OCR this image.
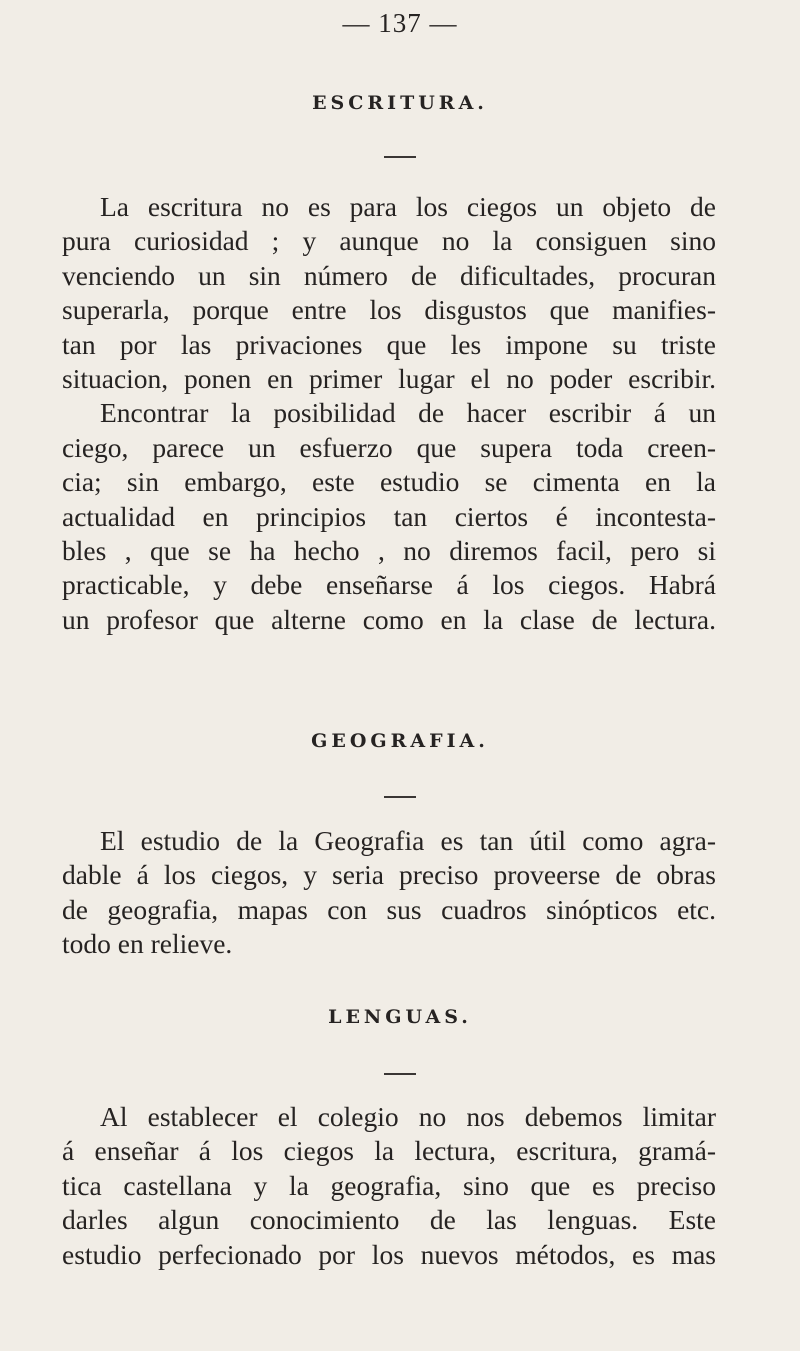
— 137 —
ESCRITURA.
La escritura no es para los ciegos un objeto de
pura curiosidad ; y aunque no la consiguen sino
venciendo un sin número de dificultades, procuran
superarla, porque entre los disgustos que manifies-
tan por las privaciones que les impone su triste
situacion, ponen en primer lugar el no poder escribir.
Encontrar la posibilidad de hacer escribir á un
ciego, parece un esfuerzo que supera toda creen-
cia; sin embargo, este estudio se cimenta en la
actualidad en principios tan ciertos é incontesta-
bles , que se ha hecho , no diremos facil, pero si
practicable, y debe enseñarse á los ciegos. Habrá
un profesor que alterne como en la clase de lectura.
GEOGRAFIA.
El estudio de la Geografia es tan útil como agra-
dable á los ciegos, y seria preciso proveerse de obras
de geografia, mapas con sus cuadros sinópticos etc.
todo en relieve.
LENGUAS.
Al establecer el colegio no nos debemos limitar
á enseñar á los ciegos la lectura, escritura, gramá-
tica castellana y la geografia, sino que es preciso
darles algun conocimiento de las lenguas. Este
estudio perfecionado por los nuevos métodos, es mas
